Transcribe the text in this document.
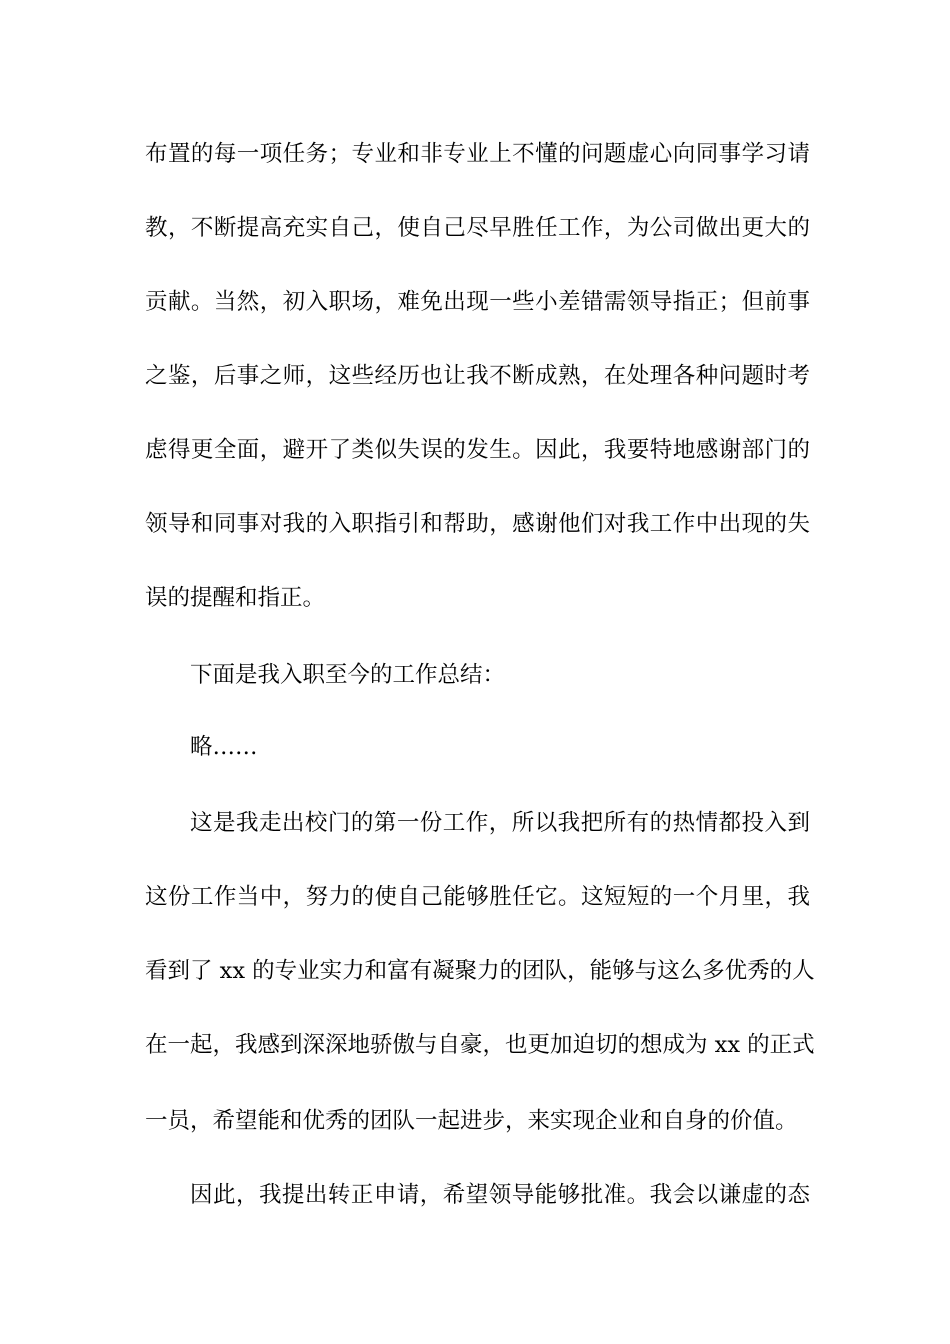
布置的每一项任务；专业和非专业上不懂的问题虚心向同事学习请
教，不断提高充实自己，使自己尽早胜任工作，为公司做出更大的
贡献。当然，初入职场，难免出现一些小差错需领导指正；但前事
之鉴，后事之师，这些经历也让我不断成熟，在处理各种问题时考
虑得更全面，避开了类似失误的发生。因此，我要特地感谢部门的
领导和同事对我的入职指引和帮助，感谢他们对我工作中出现的失
误的提醒和指正。
下面是我入职至今的工作总结：
略……
这是我走出校门的第一份工作，所以我把所有的热情都投入到
这份工作当中，努力的使自己能够胜任它。这短短的一个月里，我
看到了 xx 的专业实力和富有凝聚力的团队，能够与这么多优秀的人
在一起，我感到深深地骄傲与自豪，也更加迫切的想成为 xx 的正式
一员，希望能和优秀的团队一起进步，来实现企业和自身的价值。
因此，我提出转正申请，希望领导能够批准。我会以谦虚的态
